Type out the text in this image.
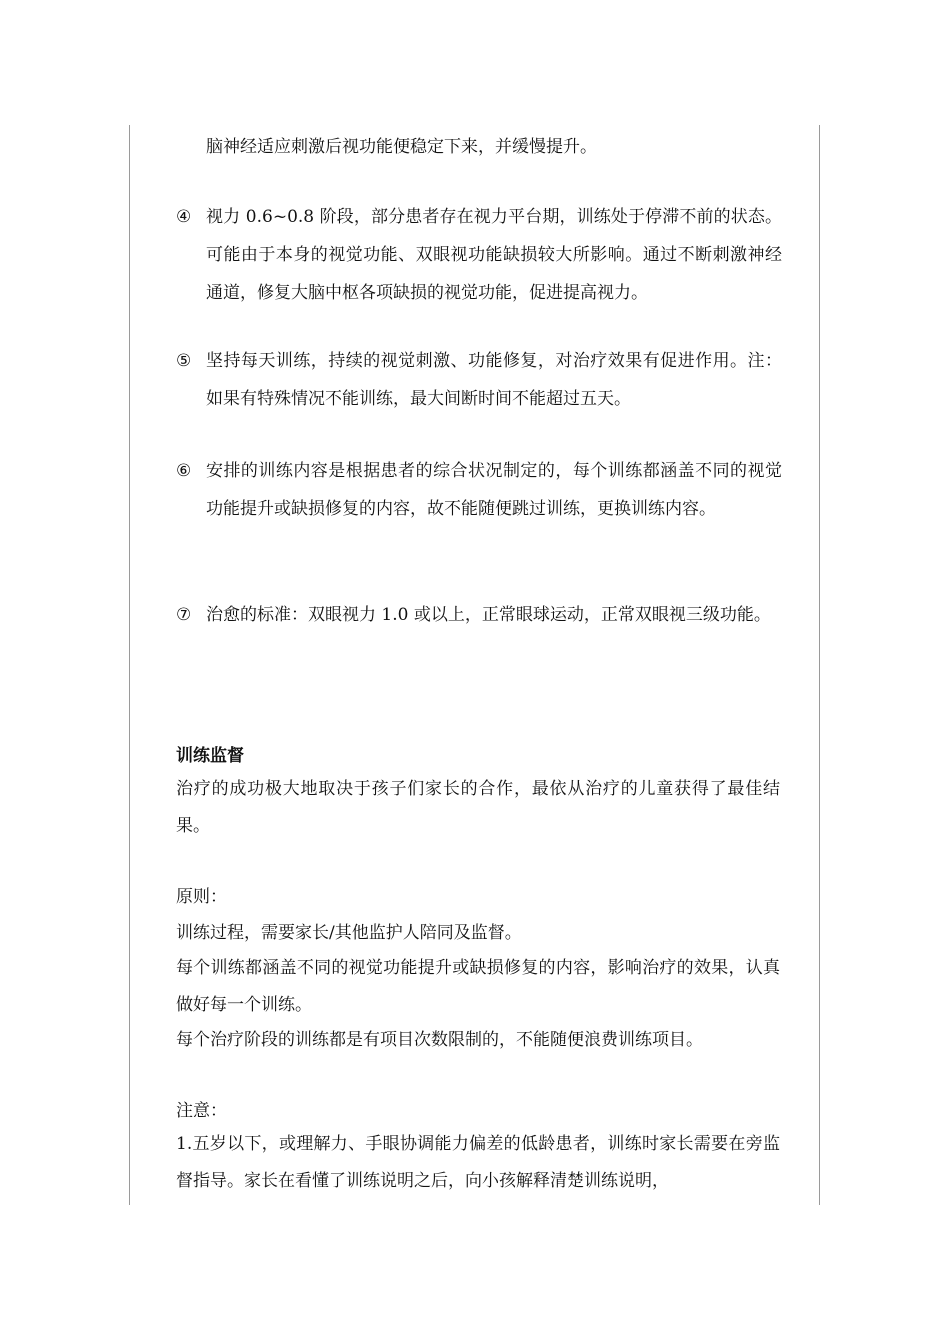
脑神经适应刺激后视功能便稳定下来，并缓慢提升。
④ 视力 0.6~0.8 阶段，部分患者存在视力平台期，训练处于停滞不前的状态。可能由于本身的视觉功能、双眼视功能缺损较大所影响。通过不断刺激神经通道，修复大脑中枢各项缺损的视觉功能，促进提高视力。
⑤ 坚持每天训练，持续的视觉刺激、功能修复，对治疗效果有促进作用。注：如果有特殊情况不能训练，最大间断时间不能超过五天。
⑥ 安排的训练内容是根据患者的综合状况制定的，每个训练都涵盖不同的视觉功能提升或缺损修复的内容，故不能随便跳过训练，更换训练内容。
⑦ 治愈的标准：双眼视力 1.0 或以上，正常眼球运动，正常双眼视三级功能。
训练监督
治疗的成功极大地取决于孩子们家长的合作，最依从治疗的儿童获得了最佳结果。
原则：
训练过程，需要家长/其他监护人陪同及监督。
每个训练都涵盖不同的视觉功能提升或缺损修复的内容，影响治疗的效果，认真做好每一个训练。
每个治疗阶段的训练都是有项目次数限制的，不能随便浪费训练项目。
注意：
1.五岁以下，或理解力、手眼协调能力偏差的低龄患者，训练时家长需要在旁监督指导。家长在看懂了训练说明之后，向小孩解释清楚训练说明，
